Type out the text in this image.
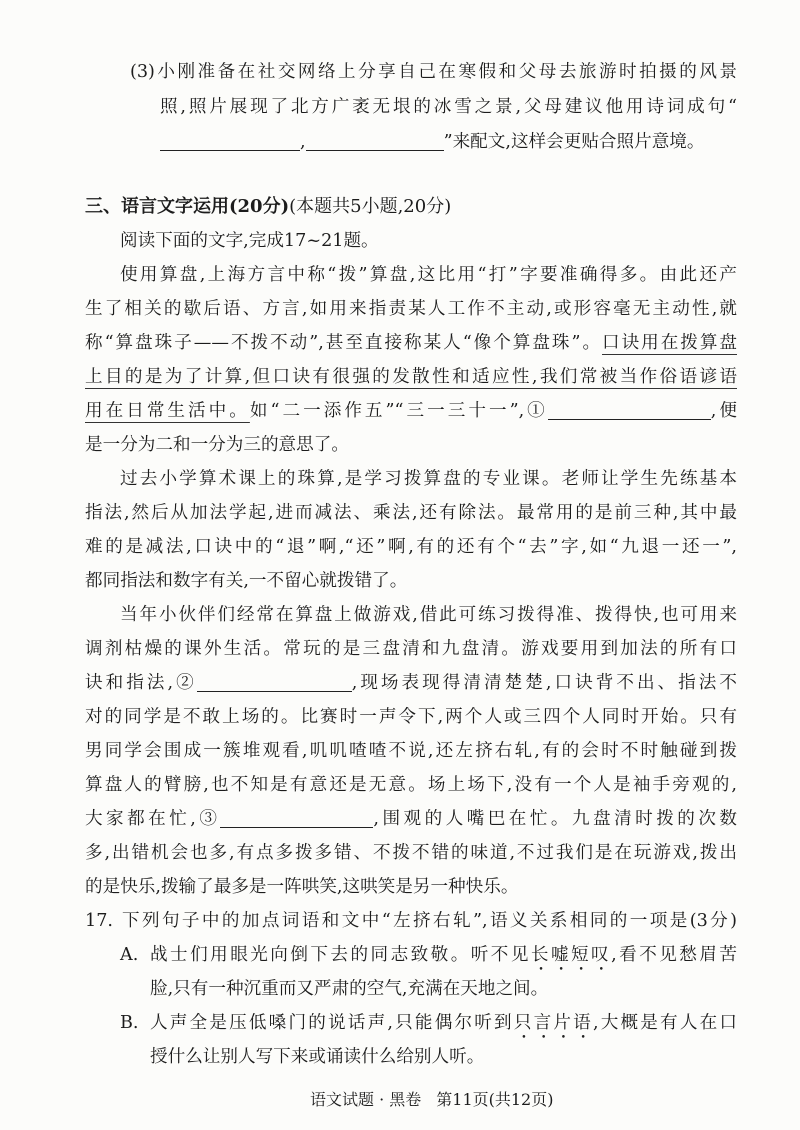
(3)小刚准备在社交网络上分享自己在寒假和父母去旅游时拍摄的风景
照,照片展现了北方广袤无垠的冰雪之景,父母建议他用诗词成句“
,	”来配文,这样会更贴合照片意境。
三、语言文字运用(20分)(本题共5小题,20分)
阅读下面的文字,完成17~21题。
使用算盘,上海方言中称“拨”算盘,这比用“打”字要准确得多。由此还产
生了相关的歇后语、方言,如用来指责某人工作不主动,或形容毫无主动性,就
称“算盘珠子——不拨不动”,甚至直接称某人“像个算盘珠”。口诀用在拨算盘
上目的是为了计算,但口诀有很强的发散性和适应性,我们常被当作俗语谚语
用在日常生活中。如“二一添作五”“三一三十一”,①	,便
是一分为二和一分为三的意思了。
过去小学算术课上的珠算,是学习拨算盘的专业课。老师让学生先练基本
指法,然后从加法学起,进而减法、乘法,还有除法。最常用的是前三种,其中最
难的是减法,口诀中的“退”啊,“还”啊,有的还有个“去”字,如“九退一还一”,
都同指法和数字有关,一不留心就拨错了。
当年小伙伴们经常在算盘上做游戏,借此可练习拨得准、拨得快,也可用来
调剂枯燥的课外生活。常玩的是三盘清和九盘清。游戏要用到加法的所有口
诀和指法,②	,现场表现得清清楚楚,口诀背不出、指法不
对的同学是不敢上场的。比赛时一声令下,两个人或三四个人同时开始。只有
男同学会围成一簇堆观看,叽叽喳喳不说,还左挤右轧,有的会时不时触碰到拨
算盘人的臂膀,也不知是有意还是无意。场上场下,没有一个人是袖手旁观的,
大家都在忙,③	,围观的人嘴巴在忙。九盘清时拨的次数
多,出错机会也多,有点多拨多错、不拨不错的味道,不过我们是在玩游戏,拨出
的是快乐,拨输了最多是一阵哄笑,这哄笑是另一种快乐。
17. 下列句子中的加点词语和文中“左挤右轧”,语义关系相同的一项是(3分)
A. 战士们用眼光向倒下去的同志致敬。听不见长嘘短叹,看不见愁眉苦
脸,只有一种沉重而又严肃的空气,充满在天地之间。
B. 人声全是压低嗓门的说话声,只能偶尔听到只言片语,大概是有人在口
授什么让别人写下来或诵读什么给别人听。
语文试题 · 黑卷 第11页(共12页)
